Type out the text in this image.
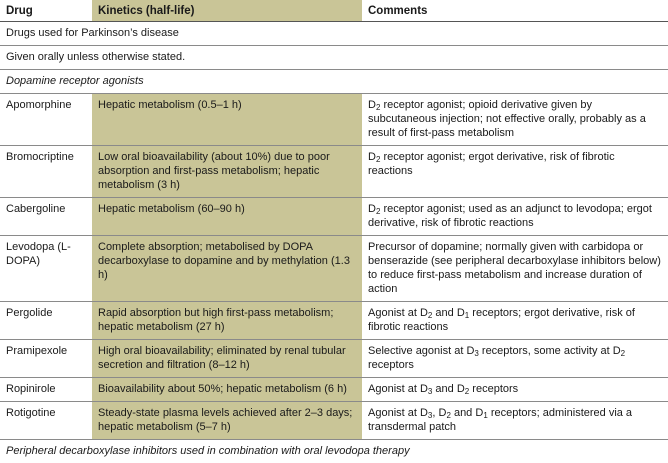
Drug	Kinetics (half-life)	Comments
Drugs used for Parkinson’s disease		
Given orally unless otherwise stated.		
Dopamine receptor agonists		
Apomorphine	Hepatic metabolism (0.5–1 h)	$D_2$ receptor agonist; opioid derivative given by subcutaneous injection; not effective orally, probably as a result of first-pass metabolism
Bromocriptine	Low oral bioavailability (about 10%) due to poor absorption and first-pass metabolism; hepatic metabolism (3 h)	$D_2$ receptor agonist; ergot derivative, risk of fibrotic reactions
Cabergoline	Hepatic metabolism (60–90 h)	$D_2$ receptor agonist; used as an adjunct to levodopa; ergot derivative, risk of fibrotic reactions
Levodopa (L-DOPA)	Complete absorption; metabolised by DOPA decarboxylase to dopamine and by methylation (1.3 h)	Precursor of dopamine; normally given with carbidopa or benserazide (see peripheral decarboxylase inhibitors below) to reduce first-pass metabolism and increase duration of action
Pergolide	Rapid absorption but high first-pass metabolism; hepatic metabolism (27 h)	Agonist at $D_2$ and $D_1$ receptors; ergot derivative, risk of fibrotic reactions
Pramipexole	High oral bioavailability; eliminated by renal tubular secretion and filtration (8–12 h)	Selective agonist at $D_3$ receptors, some activity at $D_2$ receptors
Ropinirole	Bioavailability about 50%; hepatic metabolism (6 h)	Agonist at $D_3$ and $D_2$ receptors
Rotigotine	Steady-state plasma levels achieved after 2–3 days; hepatic metabolism (5–7 h)	Agonist at $D_3$, $D_2$ and $D_1$ receptors; administered via a transdermal patch
Peripheral decarboxylase inhibitors used in combination with oral levodopa therapy		
